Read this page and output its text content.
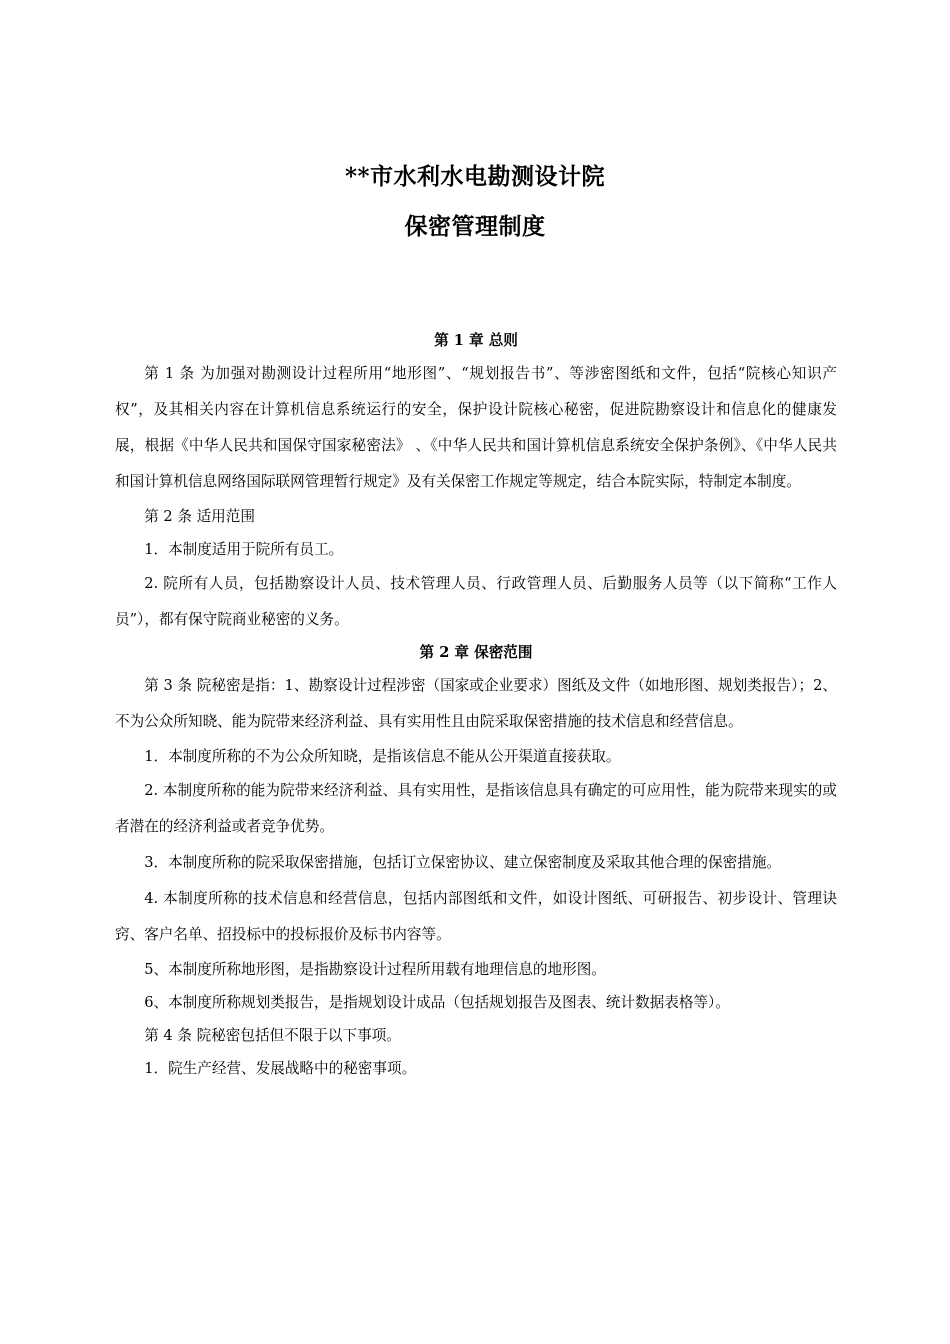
**市水利水电勘测设计院
保密管理制度
第 1 章 总则

第 1 条 为加强对勘测设计过程所用“地形图”、“规划报告书”、等涉密图纸和文件，包括“院核心知识产权”，及其相关内容在计算机信息系统运行的安全，保护设计院核心秘密，促进院勘察设计和信息化的健康发展，根据《中华人民共和国保守国家秘密法》 、《中华人民共和国计算机信息系统安全保护条例》、《中华人民共和国计算机信息网络国际联网管理暂行规定》及有关保密工作规定等规定，结合本院实际，特制定本制度。

第 2 条 适用范围

1．本制度适用于院所有员工。

2. 院所有人员，包括勘察设计人员、技术管理人员、行政管理人员、后勤服务人员等（以下简称“工作人员”），都有保守院商业秘密的义务。

第 2 章 保密范围

第 3 条 院秘密是指：1、勘察设计过程涉密（国家或企业要求）图纸及文件（如地形图、规划类报告）；2、不为公众所知晓、能为院带来经济利益、具有实用性且由院采取保密措施的技术信息和经营信息。

1．本制度所称的不为公众所知晓，是指该信息不能从公开渠道直接获取。

2. 本制度所称的能为院带来经济利益、具有实用性，是指该信息具有确定的可应用性，能为院带来现实的或者潜在的经济利益或者竞争优势。

3．本制度所称的院采取保密措施，包括订立保密协议、建立保密制度及采取其他合理的保密措施。

4. 本制度所称的技术信息和经营信息，包括内部图纸和文件，如设计图纸、可研报告、初步设计、管理诀窍、客户名单、招投标中的投标报价及标书内容等。

5、本制度所称地形图，是指勘察设计过程所用载有地理信息的地形图。

6、本制度所称规划类报告，是指规划设计成品（包括规划报告及图表、统计数据表格等）。

第 4 条 院秘密包括但不限于以下事项。

1．院生产经营、发展战略中的秘密事项。
